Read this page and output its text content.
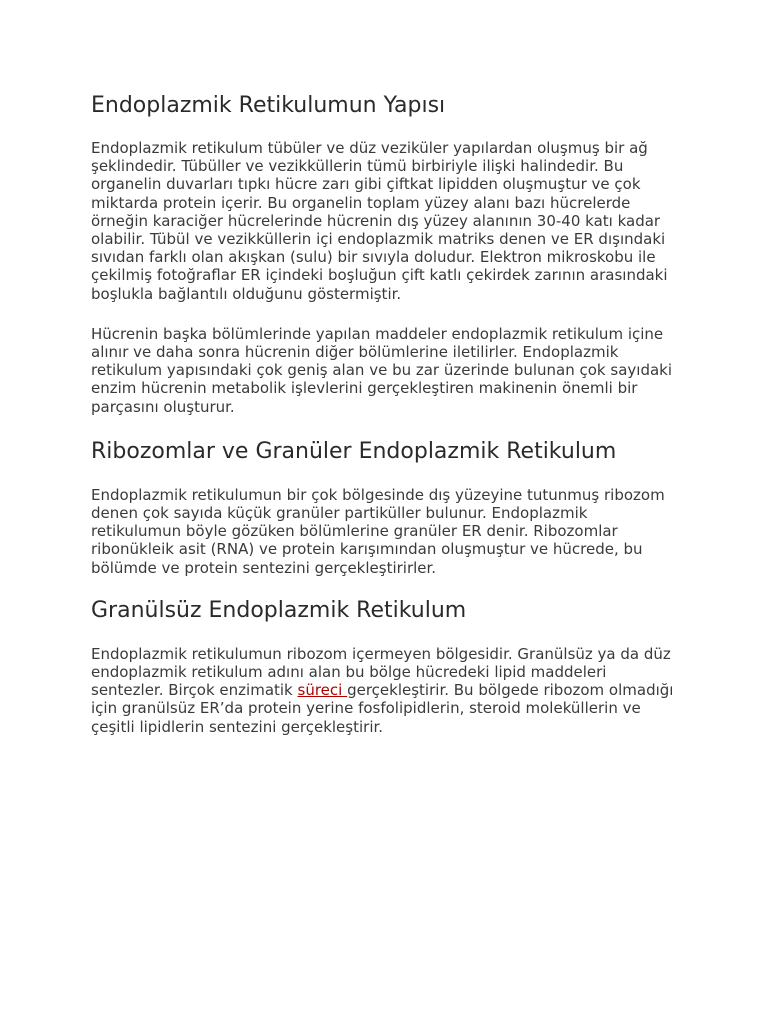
Endoplazmik Retikulumun Yapısı

Endoplazmik retikulum tübüler ve düz veziküler yapılardan oluşmuş bir ağ şeklindedir. Tübüller ve vezikküllerin tümü birbiriyle ilişki halindedir. Bu organelin duvarları tıpkı hücre zarı gibi çiftkat lipidden oluşmuştur ve çok miktarda protein içerir. Bu organelin toplam yüzey alanı bazı hücrelerde örneğin karaciğer hücrelerinde hücrenin dış yüzey alanının 30-40 katı kadar olabilir. Tübül ve vezikküllerin içi endoplazmik matriks denen ve ER dışındaki sıvıdan farklı olan akışkan (sulu) bir sıvıyla doludur. Elektron mikroskobu ile çekilmiş fotoğraflar ER içindeki boşluğun çift katlı çekirdek zarının arasındaki boşlukla bağlantılı olduğunu göstermiştir.

Hücrenin başka bölümlerinde yapılan maddeler endoplazmik retikulum içine alınır ve daha sonra hücrenin diğer bölümlerine iletilirler. Endoplazmik retikulum yapısındaki çok geniş alan ve bu zar üzerinde bulunan çok sayıdaki enzim hücrenin metabolik işlevlerini gerçekleştiren makinenin önemli bir parçasını oluşturur.

Ribozomlar ve Granüler Endoplazmik Retikulum

Endoplazmik retikulumun bir çok bölgesinde dış yüzeyine tutunmuş ribozom denen çok sayıda küçük granüler partiküller bulunur. Endoplazmik retikulumun böyle gözüken bölümlerine granüler ER denir. Ribozomlar ribonükleik asit (RNA) ve protein karışımından oluşmuştur ve hücrede, bu bölümde ve protein sentezini gerçekleştirirler.

Granülsüz Endoplazmik Retikulum

Endoplazmik retikulumun ribozom içermeyen bölgesidir. Granülsüz ya da düz endoplazmik retikulum adını alan bu bölge hücredeki lipid maddeleri sentezler. Birçok enzimatik süreci gerçekleştirir. Bu bölgede ribozom olmadığı için granülsüz ER’da protein yerine fosfolipidlerin, steroid moleküllerin ve çeşitli lipidlerin sentezini gerçekleştirir.
